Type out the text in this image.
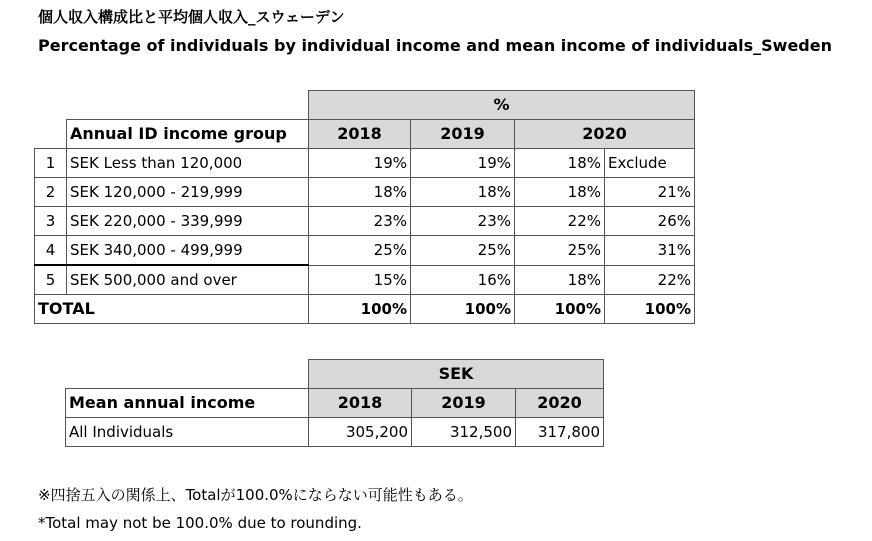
個人収入構成比と平均個人収入_スウェーデン
Percentage of individuals by individual income and mean income of individuals_Sweden
		%			
	Annual ID income group	2018	2019	2020	
1	SEK Less than 120,000	19%	19%	18%	Exclude
2	SEK 120,000 - 219,999	18%	18%	18%	21%
3	SEK 220,000 - 339,999	23%	23%	22%	26%
4	SEK 340,000 - 499,999	25%	25%	25%	31%
5	SEK 500,000 and over	15%	16%	18%	22%
TOTAL		100%	100%	100%	100%
	SEK		
Mean annual income	2018	2019	2020
All Individuals	305,200	312,500	317,800
※四捨五入の関係上、Totalが100.0%にならない可能性もある。
*Total may not be 100.0% due to rounding.
